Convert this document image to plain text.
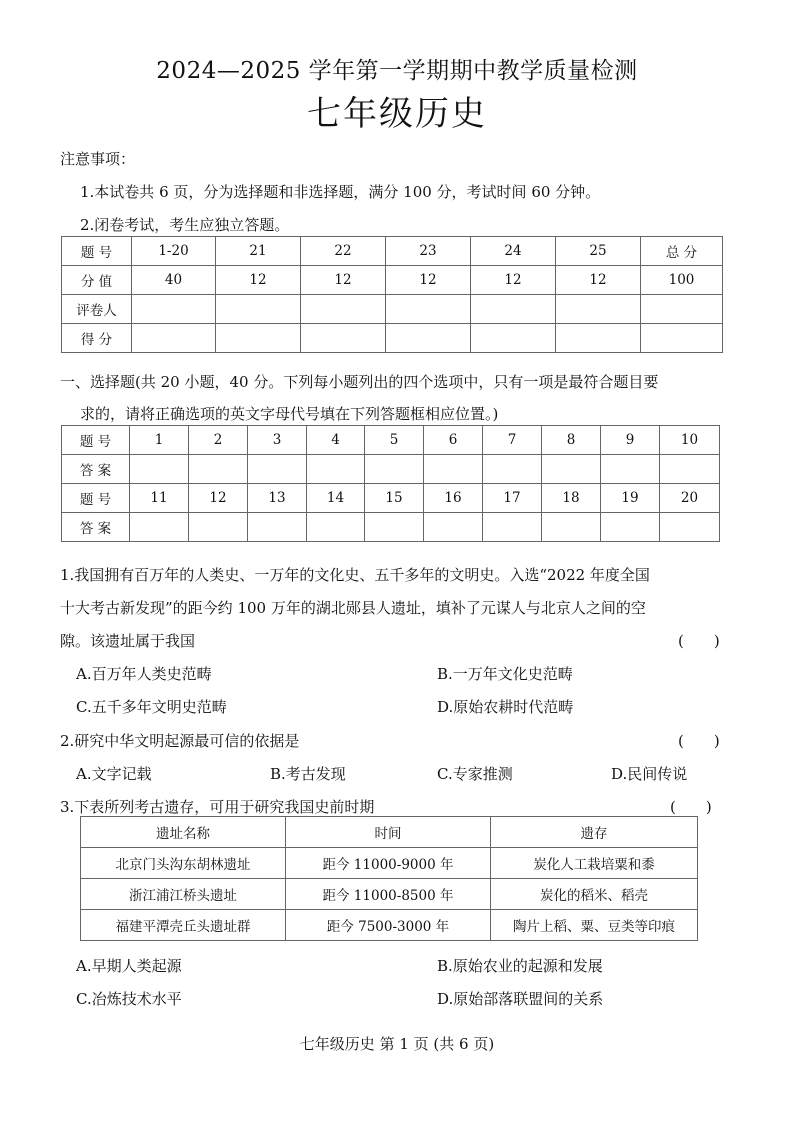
2024—2025 学年第一学期期中教学质量检测
七年级历史
注意事项：
1.本试卷共 6 页，分为选择题和非选择题，满分 100 分，考试时间 60 分钟。
2.闭卷考试，考生应独立答题。
题 号	1-20	21	22	23	24	25	总 分
分 值	40	12	12	12	12	12	100
评卷人							
得 分							
一、选择题(共 20 小题，40 分。下列每小题列出的四个选项中，只有一项是最符合题目要
求的，请将正确选项的英文字母代号填在下列答题框相应位置。)
题 号	1	2	3	4	5	6	7	8	9	10
答 案										
题 号	11	12	13	14	15	16	17	18	19	20
答 案										
1.我国拥有百万年的人类史、一万年的文化史、五千多年的文明史。入选“2022 年度全国
十大考古新发现”的距今约 100 万年的湖北郧县人遗址，填补了元谋人与北京人之间的空
隙。该遗址属于我国	(　　)
A.百万年人类史范畴	B.一万年文化史范畴
C.五千多年文明史范畴	D.原始农耕时代范畴
2.研究中华文明起源最可信的依据是	(　　)
A.文字记载	B.考古发现	C.专家推测	D.民间传说
3.下表所列考古遗存，可用于研究我国史前时期	(　　)
遗址名称	时间	遗存
北京门头沟东胡林遗址	距今 11000-9000 年	炭化人工栽培粟和黍
浙江浦江桥头遗址	距今 11000-8500 年	炭化的稻米、稻壳
福建平潭壳丘头遗址群	距今 7500-3000 年	陶片上稻、粟、豆类等印痕
A.早期人类起源	B.原始农业的起源和发展
C.冶炼技术水平	D.原始部落联盟间的关系
七年级历史 第 1 页 (共 6 页)
